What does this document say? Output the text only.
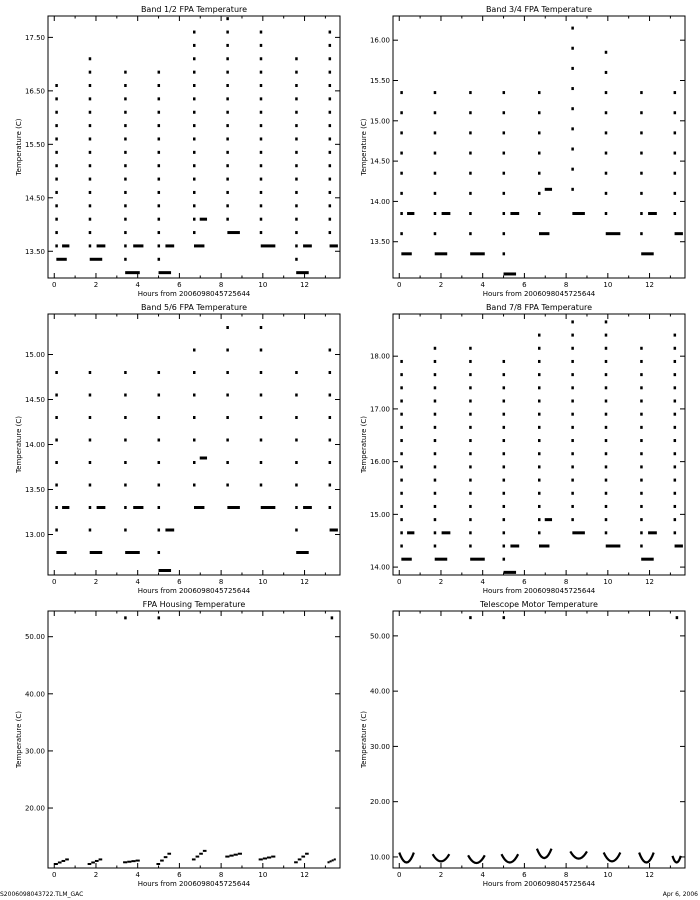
Band 1/2 FPA Temperature
0	2	4	6	8	10	12
13.50
14.50
15.50
16.50
17.50
Hours from 2006098045725644
Temperature (C)
Band 3/4 FPA Temperature
0	2	4	6	8	10	12
13.50
14.00
14.50
15.00
15.50
16.00
Hours from 2006098045725644
Temperature (C)
Band 5/6 FPA Temperature
0	2	4	6	8	10	12
13.00
13.50
14.00
14.50
15.00
Hours from 2006098045725644
Temperature (C)
Band 7/8 FPA Temperature
0	2	4	6	8	10	12
14.00
15.00
16.00
17.00
18.00
Hours from 2006098045725644
Temperature (C)
FPA Housing Temperature
0	2	4	6	8	10	12
20.00
30.00
40.00
50.00
Hours from 2006098045725644
Temperature (C)
Telescope Motor Temperature
0	2	4	6	8	10	12
10.00
20.00
30.00
40.00
50.00
Hours from 2006098045725644
Temperature (C)
S2006098043722.TLM_GAC	Apr 6, 2006
